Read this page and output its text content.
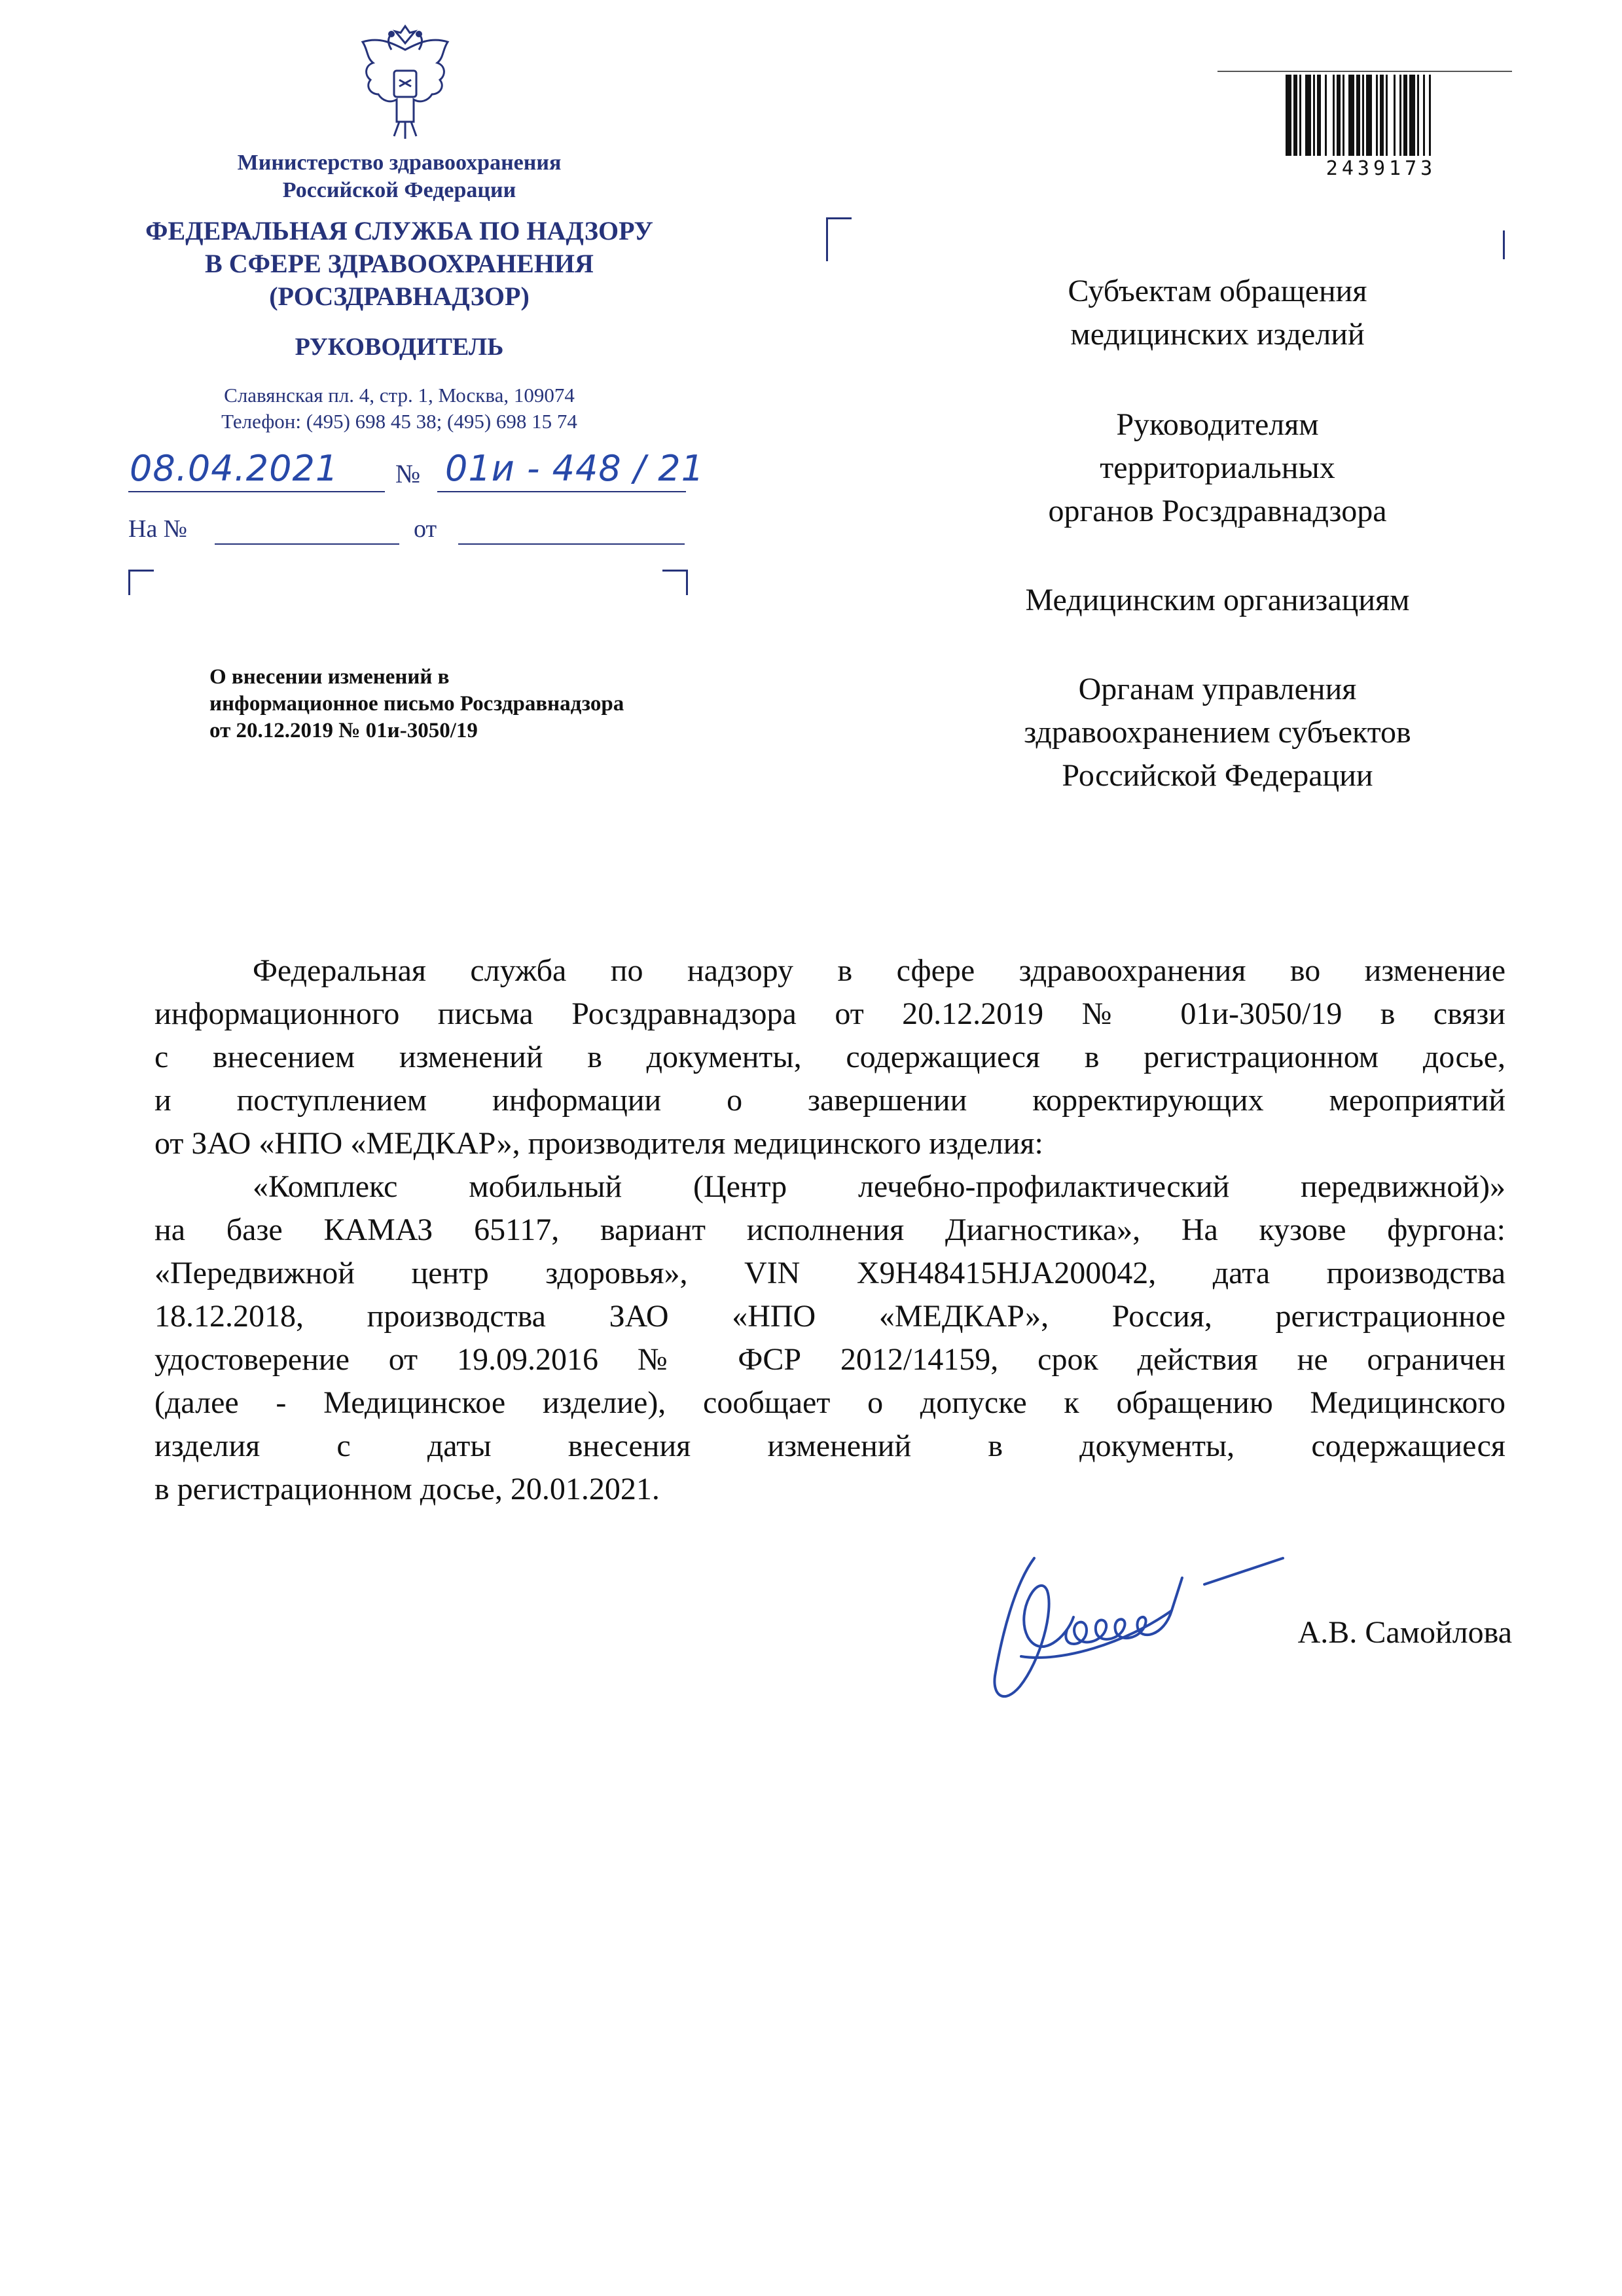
Министерство здравоохранения
Российской Федерации
ФЕДЕРАЛЬНАЯ СЛУЖБА ПО НАДЗОРУ
В СФЕРЕ ЗДРАВООХРАНЕНИЯ
(РОСЗДРАВНАДЗОР)
РУКОВОДИТЕЛЬ
Славянская пл. 4, стр. 1, Москва, 109074
Телефон: (495) 698 45 38; (495) 698 15 74
08.04.2021 № 01и - 448 / 21
На №	от
О внесении изменений в
информационное письмо Росздравнадзора
от 20.12.2019 № 01и-3050/19
2439173
Субъектам обращения
медицинских изделий
Руководителям
территориальных
органов Росздравнадзора
Медицинским организациям
Органам управления
здравоохранением субъектов
Российской Федерации
Федеральная служба по надзору в сфере здравоохранения во изменение
информационного письма Росздравнадзора от 20.12.2019 № 01и-3050/19 в связи
с внесением изменений в документы, содержащиеся в регистрационном досье,
и поступлением информации о завершении корректирующих мероприятий
от ЗАО «НПО «МЕДКАР», производителя медицинского изделия:
«Комплекс мобильный (Центр лечебно-профилактический передвижной)»
на базе КАМАЗ 65117, вариант исполнения Диагностика», На кузове фургона:
«Передвижной центр здоровья», VIN X9H48415HJA200042, дата производства
18.12.2018, производства ЗАО «НПО «МЕДКАР», Россия, регистрационное
удостоверение от 19.09.2016 № ФСР 2012/14159, срок действия не ограничен
(далее - Медицинское изделие), сообщает о допуске к обращению Медицинского
изделия с даты внесения изменений в документы, содержащиеся
в регистрационном досье, 20.01.2021.
А.В. Самойлова
